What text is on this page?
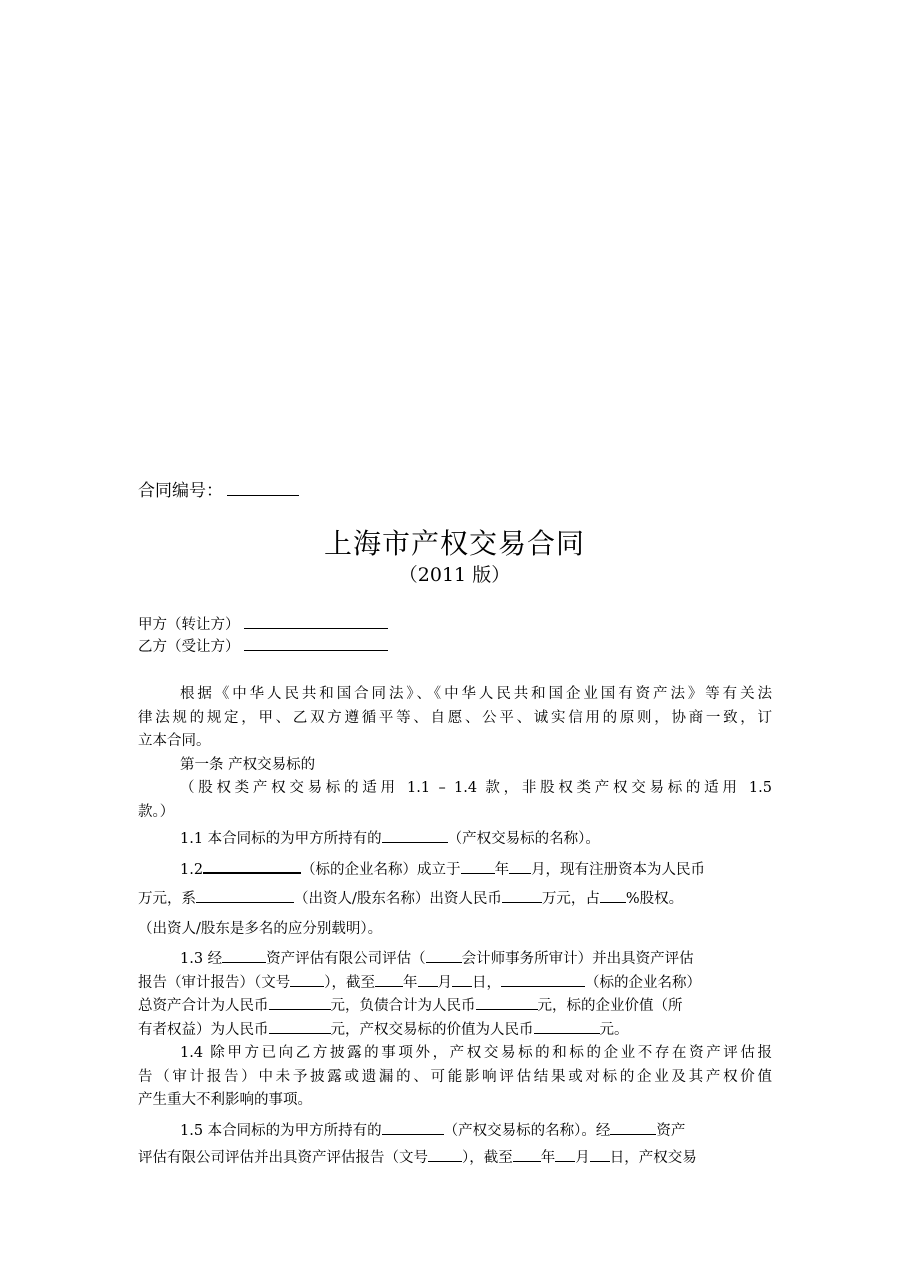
合同编号：
上海市产权交易合同
（2011 版）
甲方（转让方）
乙方（受让方）

根据《中华人民共和国合同法》、《中华人民共和国企业国有资产法》等有关法
律法规的规定，甲、乙双方遵循平等、自愿、公平、诚实信用的原则，协商一致，订
立本合同。

第一条 产权交易标的

（股权类产权交易标的适用 1.1 – 1.4 款，非股权类产权交易标的适用 1.5
款。）

1.1 本合同标的为甲方所持有的	（产权交易标的名称）。

1.2	（标的企业名称）成立于 年 月，现有注册资本为人民币
万元，系	（出资人/股东名称）出资人民币	万元，占 %股权。
（出资人/股东是多名的应分别载明）。

1.3 经	资产评估有限公司评估（ 会计师事务所审计）并出具资产评估
报告（审计报告）（文号 ），截至 年 月 日，	（标的企业名称）
总资产合计为人民币	元，负债合计为人民币	元，标的企业价值（所
有者权益）为人民币	元，产权交易标的价值为人民币	元。

1.4 除甲方已向乙方披露的事项外，产权交易标的和标的企业不存在资产评估报
告（审计报告）中未予披露或遗漏的、可能影响评估结果或对标的企业及其产权价值
产生重大不利影响的事项。

1.5 本合同标的为甲方所持有的	（产权交易标的名称）。经	资产
评估有限公司评估并出具资产评估报告（文号 ），截至 年 月 日，产权交易
